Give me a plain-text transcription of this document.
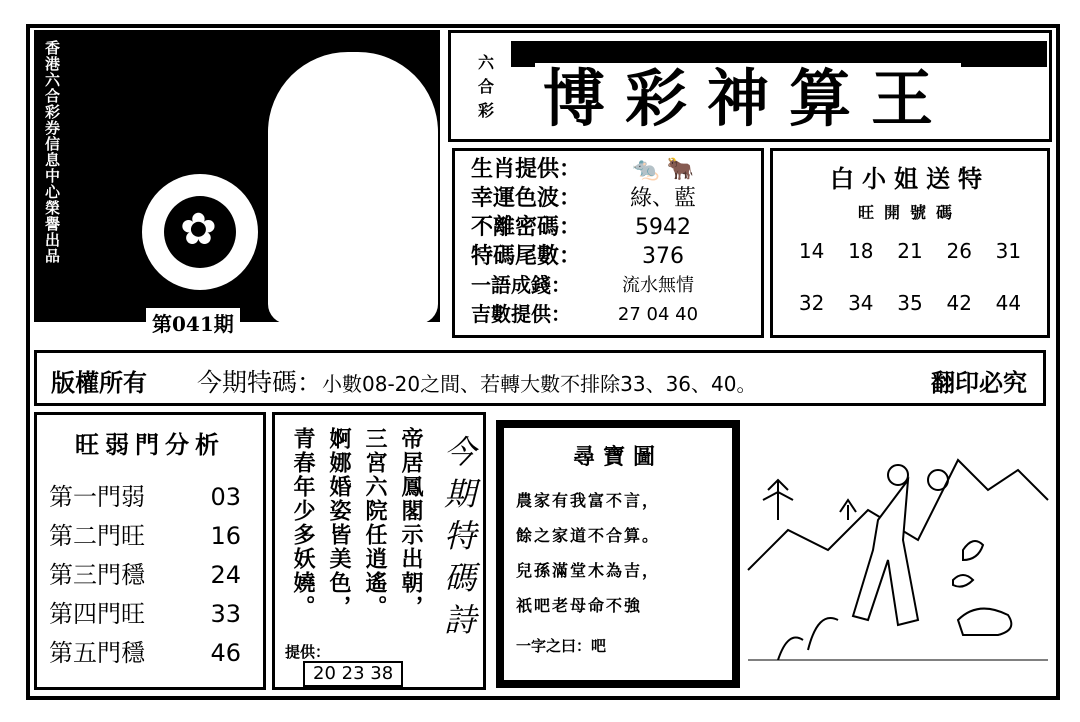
香港六合彩券信息中心榮譽出品	✿
第041期
六合彩 博彩神算王
生肖提供：	🐀 🐂
幸運色波：	綠、藍
不離密碼：	5942
特碼尾數：	376
一語成錢：	流水無情
吉數提供：	27 04 40
白小姐送特
旺開號碼
14	18	21	26	31
32	34	35	42	44
版權所有 今期特碼：小數08-20之間、若轉大數不排除33、36、40。	翻印必究
旺弱門分析
第一門弱	03
第二門旺	16
第三門穩	24
第四門旺	33
第五門穩	46
帝居鳳閣示出朝，
三宮六院任逍遙。
婀娜婚姿皆美色，
青春年少多妖嬈。	今期特碼詩
提供：
20 23 38
尋寶圖
農家有我富不言，
餘之家道不合算。
兒孫滿堂木為吉，
祇吧老母命不強
一字之曰：吧
